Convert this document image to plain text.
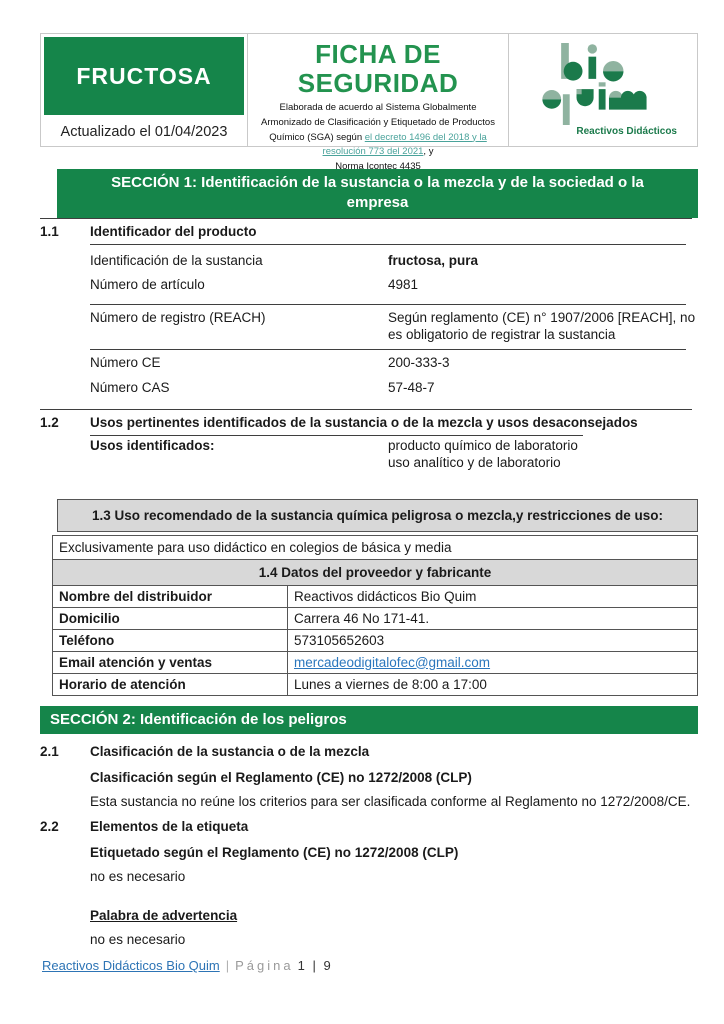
FRUCTOSA
Actualizado el 01/04/2023
FICHA DE SEGURIDAD
Elaborada de acuerdo al Sistema Globalmente Armonizado de Clasificación y Etiquetado de Productos Químico (SGA) según el decreto 1496 del 2018 y la resolución 773 del 2021, y
Norma Icontec 4435
Reactivos Didácticos
SECCIÓN 1: Identificación de la sustancia o la mezcla y de la sociedad o la empresa
1.1	Identificador del producto
Identificación de la sustancia	fructosa, pura
Número de artículo	4981
Número de registro (REACH)	Según reglamento (CE) n° 1907/2006 [REACH], no es obligatorio de registrar la sustancia
Número CE	200-333-3
Número CAS	57-48-7
1.2	Usos pertinentes identificados de la sustancia o de la mezcla y usos desaconsejados
Usos identificados:	producto químico de laboratorio
uso analítico y de laboratorio
1.3 Uso recomendado de la sustancia química peligrosa o mezcla,y restricciones de uso:
Exclusivamente para uso didáctico en colegios de básica y media
1.4 Datos del proveedor y fabricante	
Nombre del distribuidor	Reactivos didácticos Bio Quim
Domicilio	Carrera 46 No 171-41.
Teléfono	573105652603
Email atención y ventas	mercadeodigitalofec@gmail.com
Horario de atención	Lunes a viernes de 8:00 a 17:00
SECCIÓN 2: Identificación de los peligros
2.1	Clasificación de la sustancia o de la mezcla
Clasificación según el Reglamento (CE) no 1272/2008 (CLP)
Esta sustancia no reúne los criterios para ser clasificada conforme al Reglamento no 1272/2008/CE.
2.2	Elementos de la etiqueta
Etiquetado según el Reglamento (CE) no 1272/2008 (CLP)
no es necesario
Palabra de advertencia
no es necesario
Reactivos Didácticos Bio Quim | Página 1 | 9
